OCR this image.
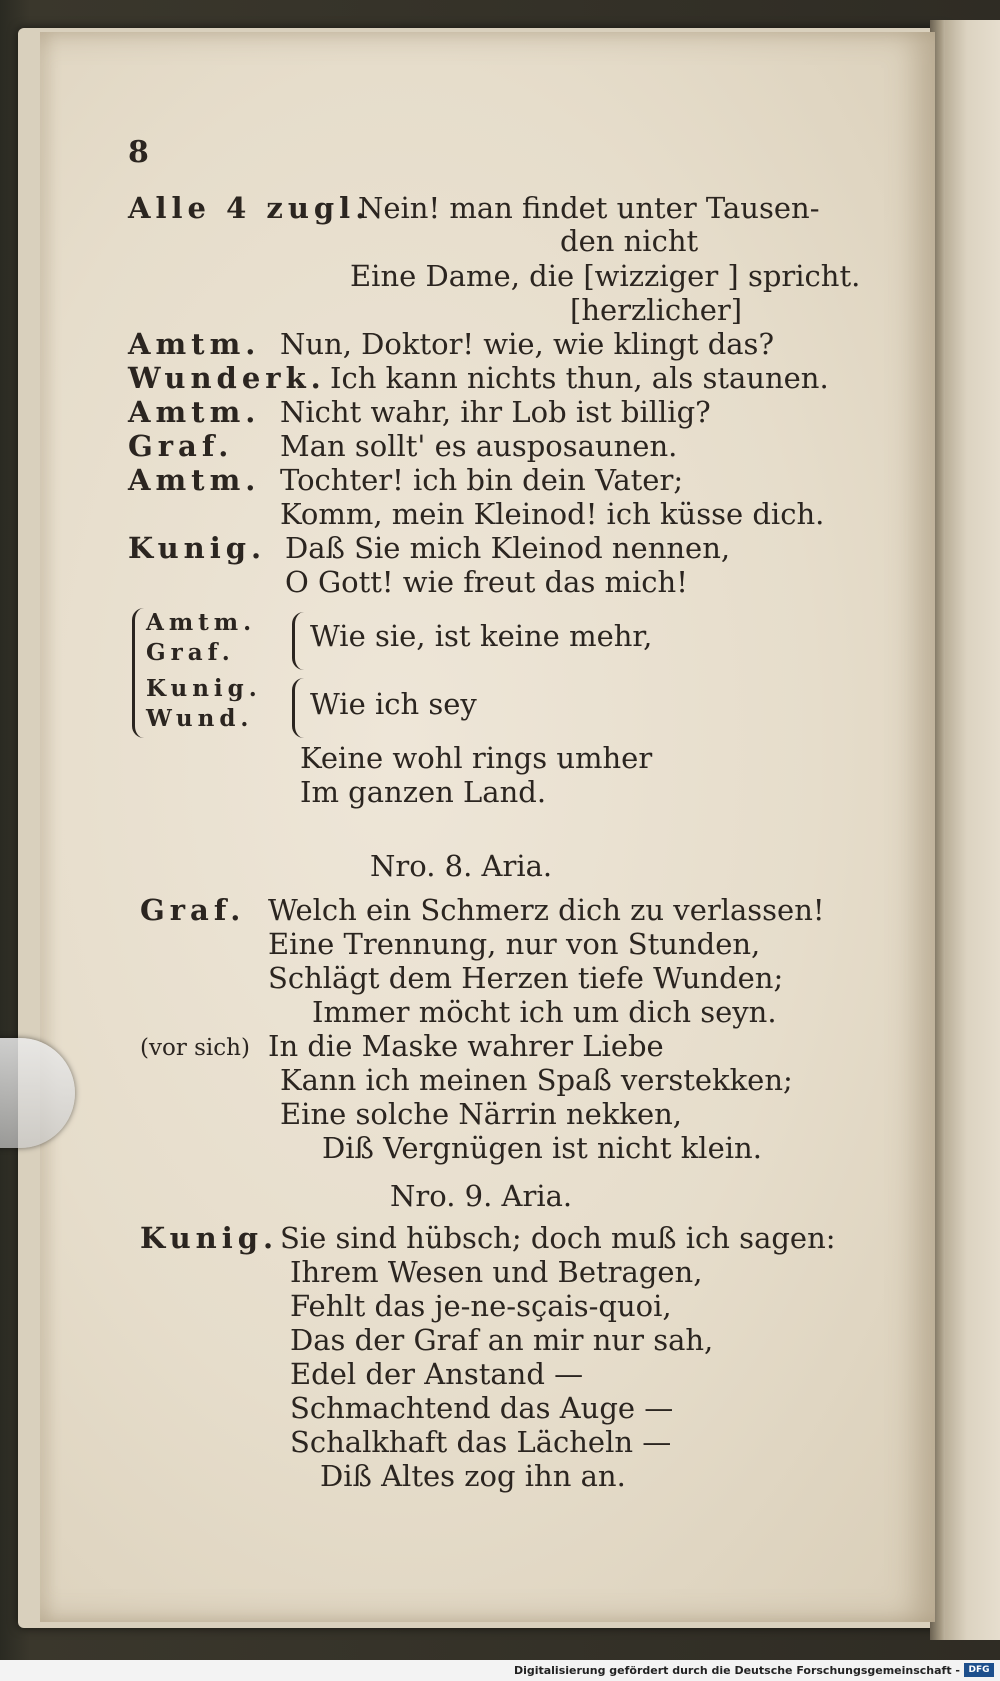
8
Alle 4 zugl.
Nein! man findet unter Tausen-
den nicht
Eine Dame, die [wizziger ] spricht.
[herzlicher]
Amtm. Nun, Doktor! wie, wie klingt das?
Wunderk. Ich kann nichts thun, als staunen.
Amtm. Nicht wahr, ihr Lob ist billig?
Graf. Man sollt' es ausposaunen.
Amtm. Tochter! ich bin dein Vater;
Komm, mein Kleinod! ich küsse dich.
Kunig. Daß Sie mich Kleinod nennen,
O Gott! wie freut das mich!
Amtm.
Graf.
Kunig.
Wund.
Wie sie, ist keine mehr,
Wie ich sey
Keine wohl rings umher
Im ganzen Land.
Nro. 8. Aria.
Graf. Welch ein Schmerz dich zu verlassen!
Eine Trennung, nur von Stunden,
Schlägt dem Herzen tiefe Wunden;
Immer möcht ich um dich seyn.
(vor sich) In die Maske wahrer Liebe
Kann ich meinen Spaß verstekken;
Eine solche Närrin nekken,
Diß Vergnügen ist nicht klein.
Nro. 9. Aria.
Kunig. Sie sind hübsch; doch muß ich sagen:
Ihrem Wesen und Betragen,
Fehlt das je-ne-sçais-quoi,
Das der Graf an mir nur sah,
Edel der Anstand —
Schmachtend das Auge —
Schalkhaft das Lächeln —
Diß Altes zog ihn an.
Digitalisierung gefördert durch die Deutsche Forschungsgemeinschaft - DFG
